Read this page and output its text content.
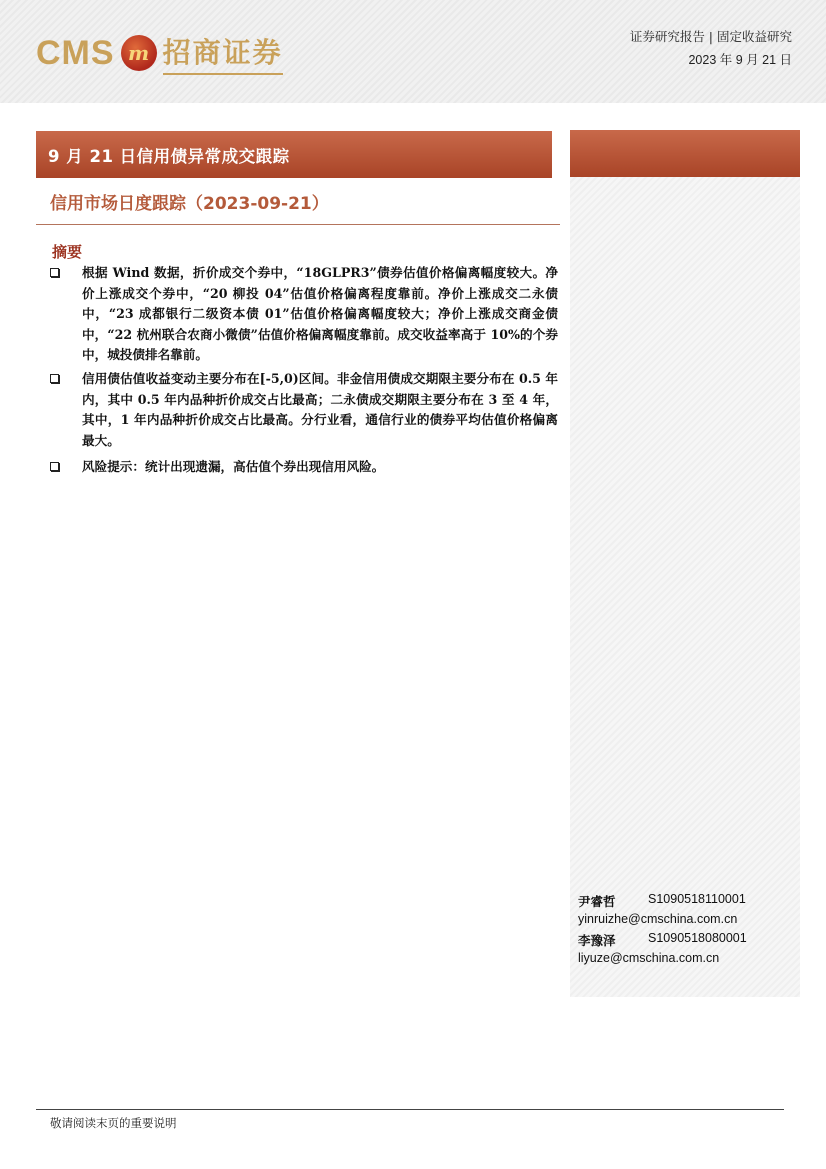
CMS m 招商证券	证券研究报告 | 固定收益研究
2023 年 9 月 21 日
9 月 21 日信用债异常成交跟踪
信用市场日度跟踪（2023-09-21）
摘要
根据 Wind 数据，折价成交个券中，“18GLPR3”债券估值价格偏离幅度较大。净价上涨成交个券中，“20 柳投 04”估值价格偏离程度靠前。净价上涨成交二永债中，“23 成都银行二级资本债 01”估值价格偏离幅度较大；净价上涨成交商金债中，“22 杭州联合农商小微债”估值价格偏离幅度靠前。成交收益率高于 10%的个券中，城投债排名靠前。
信用债估值收益变动主要分布在[-5,0)区间。非金信用债成交期限主要分布在 0.5 年内，其中 0.5 年内品种折价成交占比最高；二永债成交期限主要分布在 3 至 4 年，其中，1 年内品种折价成交占比最高。分行业看，通信行业的债券平均估值价格偏离最大。
风险提示：统计出现遗漏，高估值个券出现信用风险。
尹睿哲	S1090518110001
yinruizhe@cmschina.com.cn
李豫泽	S1090518080001
liyuze@cmschina.com.cn
敬请阅读末页的重要说明
